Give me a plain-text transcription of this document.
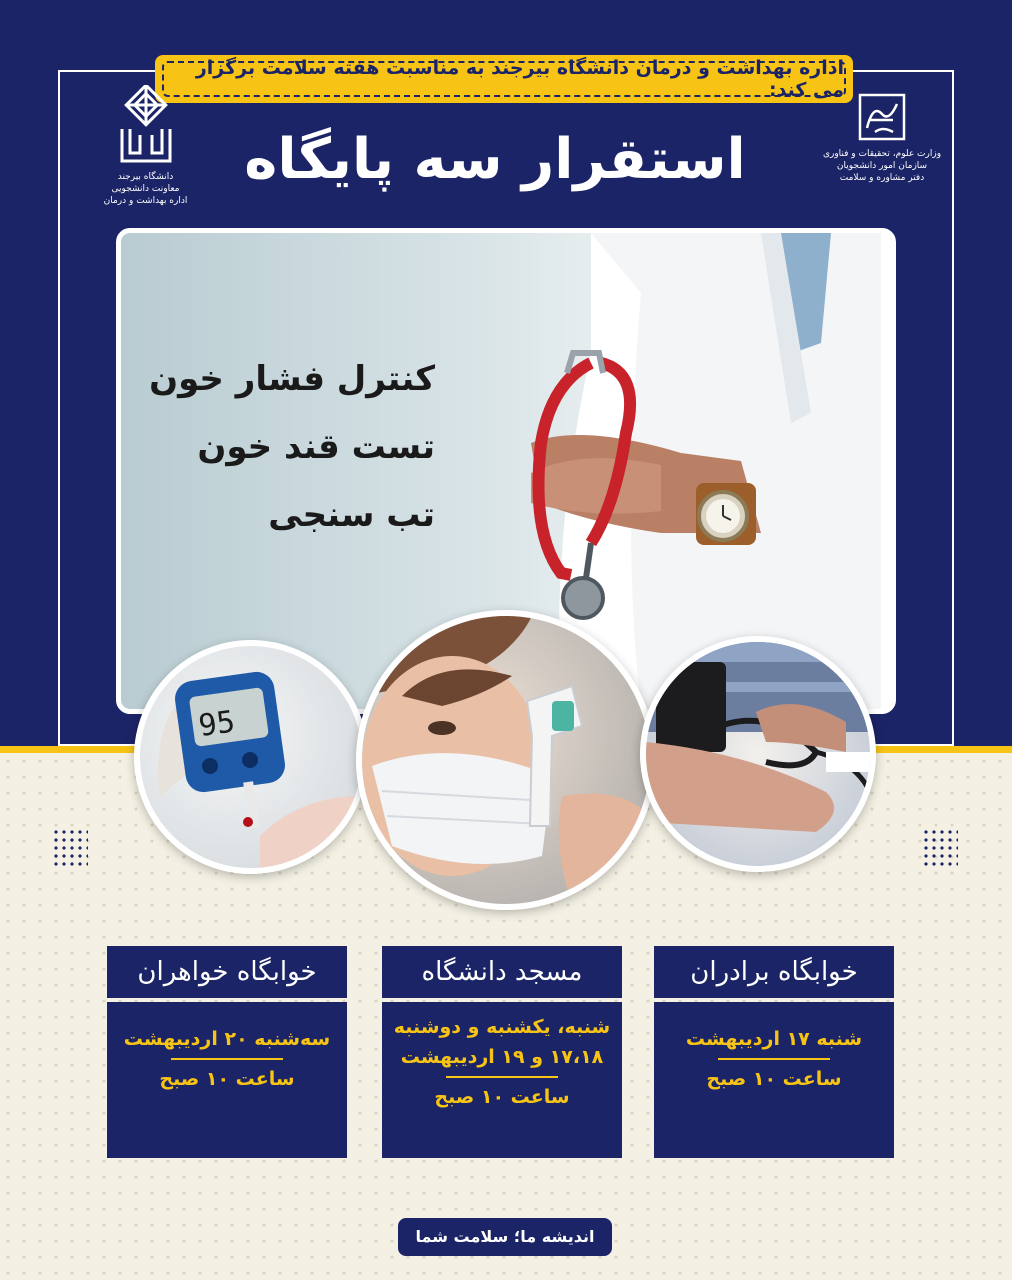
اداره بهداشت و درمان دانشگاه بیرجند به مناسبت هفته سلامت برگزار می کند:
استقرار سه پایگاه
دانشگاه بیرجند
معاونت دانشجویی
اداره بهداشت و درمان
وزارت علوم، تحقیقات و فناوری
سازمان امور دانشجویان
دفتر مشاوره و سلامت
کنترل فشار خون
تست قند خون
تب سنجی
95
خوابگاه خواهران
سه‌شنبه ۲۰ اردیبهشت
ساعت ۱۰ صبح
مسجد دانشگاه
شنبه، یکشنبه و دوشنبه
۱۷،۱۸ و ۱۹ اردیبهشت
ساعت ۱۰ صبح
خوابگاه برادران
شنبه ۱۷ اردیبهشت
ساعت ۱۰ صبح
اندیشه ما؛ سلامت شما
